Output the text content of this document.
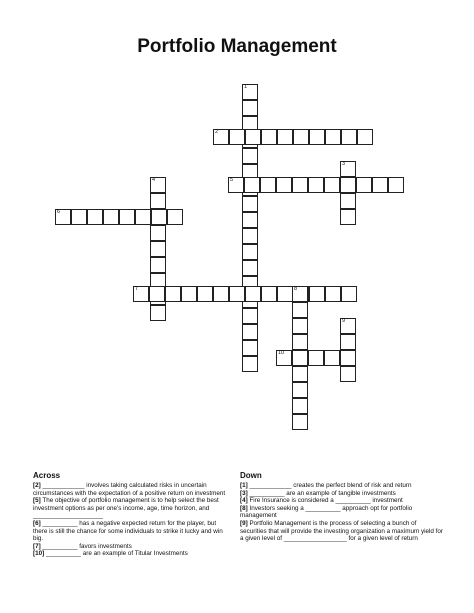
Portfolio Management
1
2
3
4	5
6
7	8
9
10
Across
[2] ____________ involves taking calculated risks in uncertain circumstances with the expectation of a positive return on investment
[5] The objective of portfolio management is to help select the best investment options as per one's income, age, time horizon, and ____________________
[6] __________ has a negative expected return for the player, but there is still the chance for some individuals to strike it lucky and win big.
[7] __________ favors investments
[10] __________ are an example of Titular Investments
Down
[1] ____________ creates the perfect blend of risk and return
[3] __________ are an example of tangible investments
[4] Fire Insurance is considered a __________ investment
[8] Investors seeking a __________ approach opt for portfolio management
[9] Portfolio Management is the process of selecting a bunch of securities that will provide the investing organization a maximum yield for a given level of __________________ for a given level of return
